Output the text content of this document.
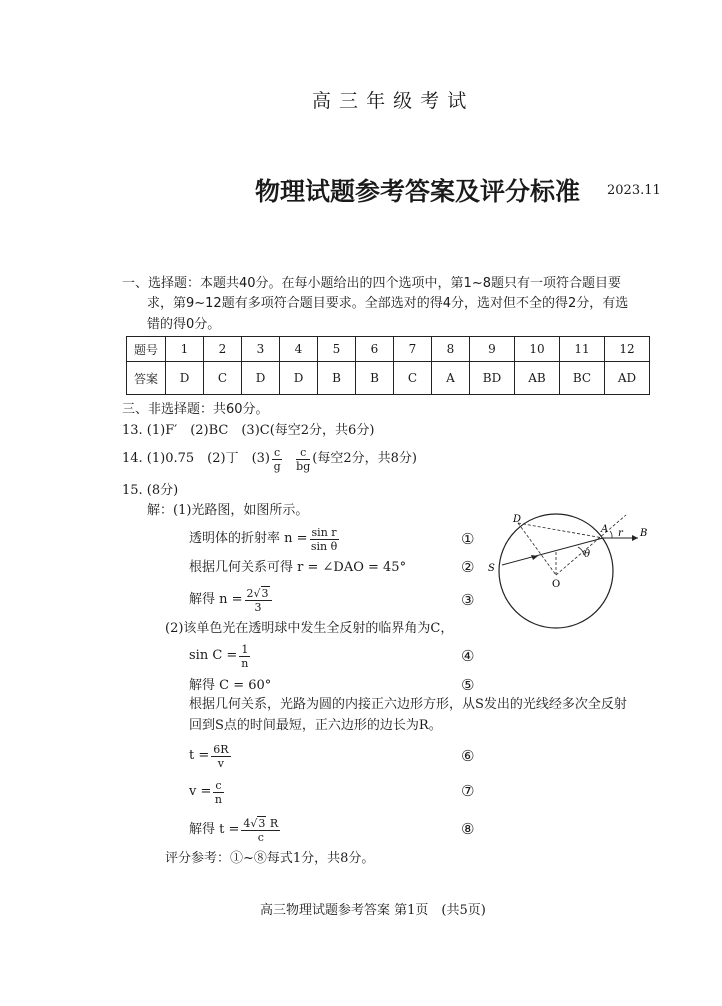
高 三 年 级 考 试
物理试题参考答案及评分标准 2023.11
一、选择题：本题共40分。在每小题给出的四个选项中，第1~8题只有一项符合题目要
求，第9~12题有多项符合题目要求。全部选对的得4分，选对但不全的得2分，有选
错的得0分。
题号	1	2	3	4	5	6	7	8	9	10	11	12
答案	D	C	D	D	B	B	C	A	BD	AB	BC	AD
三、非选择题：共60分。
13. (1)F′　(2)BC　(3)C(每空2分，共6分)
14. (1)0.75　(2)丁　$(3) \frac{c}{g} \frac{c}{bg}$ (每空2分，共8分)
15. (8分)
解：(1)光路图，如图所示。
透明体的折射率 $n = \frac{\text{sin r}}{\text{sin θ}}$	①
根据几何关系可得 r = ∠DAO = 45°	②
解得 $n = \frac{2√3}{3}$	③
(2)该单色光在透明球中发生全反射的临界角为C，
$\sin C = \frac{1}{n}$	④
解得 C = 60°	⑤
根据几何关系，光路为圆的内接正六边形方形，从S发出的光线经多次全反射
回到S点的时间最短，正六边形的边长为R。
$t = \frac{6R}{v}$	⑥
$v = \frac{c}{n}$	⑦
解得 $t = \frac{4√3 R}{c}$	⑧
评分参考：①~⑧每式1分，共8分。
D
A	B
S
O
θ
r
高三物理试题参考答案 第1页　(共5页)
